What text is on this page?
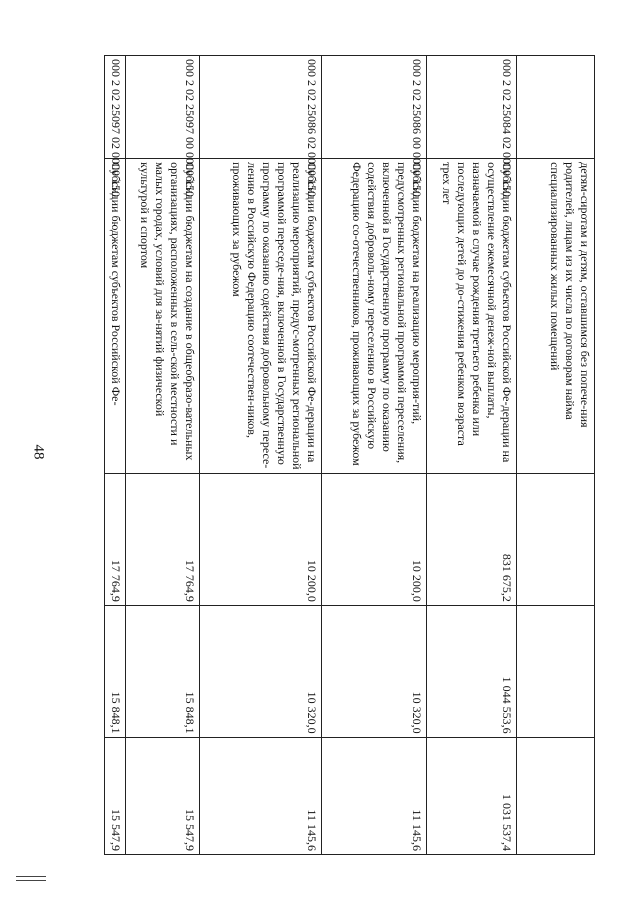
48
	детям-сиротам и детям, оставшимся без попече-ния родителей, лицам из их числа по договорам найма специализированных жилых помещений			
000 2 02 25084 02 0000 150	Субсидии бюджетам субъектов Российской Фе-дерации на осуществление ежемесячной денеж-ной выплаты, назначаемой в случае рождения третьего ребенка или последующих детей до до-стижения ребенком возраста трех лет	831 675,2	1 044 553,6	1 031 537,4
000 2 02 25086 00 0000 150	Субсидии бюджетам на реализацию мероприя-тий, предусмотренных региональной программой переселения, включенной в Государственную программу по оказанию содействия доброволь-ному переселению в Российскую Федерацию со-отечественников, проживающих за рубежом	10 200,0	10 320,0	11 145,6
000 2 02 25086 02 0000 150	Субсидии бюджетам субъектов Российской Фе-дерации на реализацию мероприятий, предус-мотренных региональной программой переседе-ния, включенной в Государственную программу по оказанию содействия добровольному пересе-лению в Российскую Федерацию соотечествен-ников, проживающих за рубежом	10 200,0	10 320,0	11 145,6
000 2 02 25097 00 0000 150	Субсидии бюджетам на создание в общеобразо-вательных организациях, расположенных в сель-ской местности и малых городах, условий для за-нятий физической культурой и спортом	17 764,9	15 848,1	15 547,9
000 2 02 25097 02 0000 150	Субсидии бюджетам субъектов Российской Фе-	17 764,9	15 848,1	15 547,9
